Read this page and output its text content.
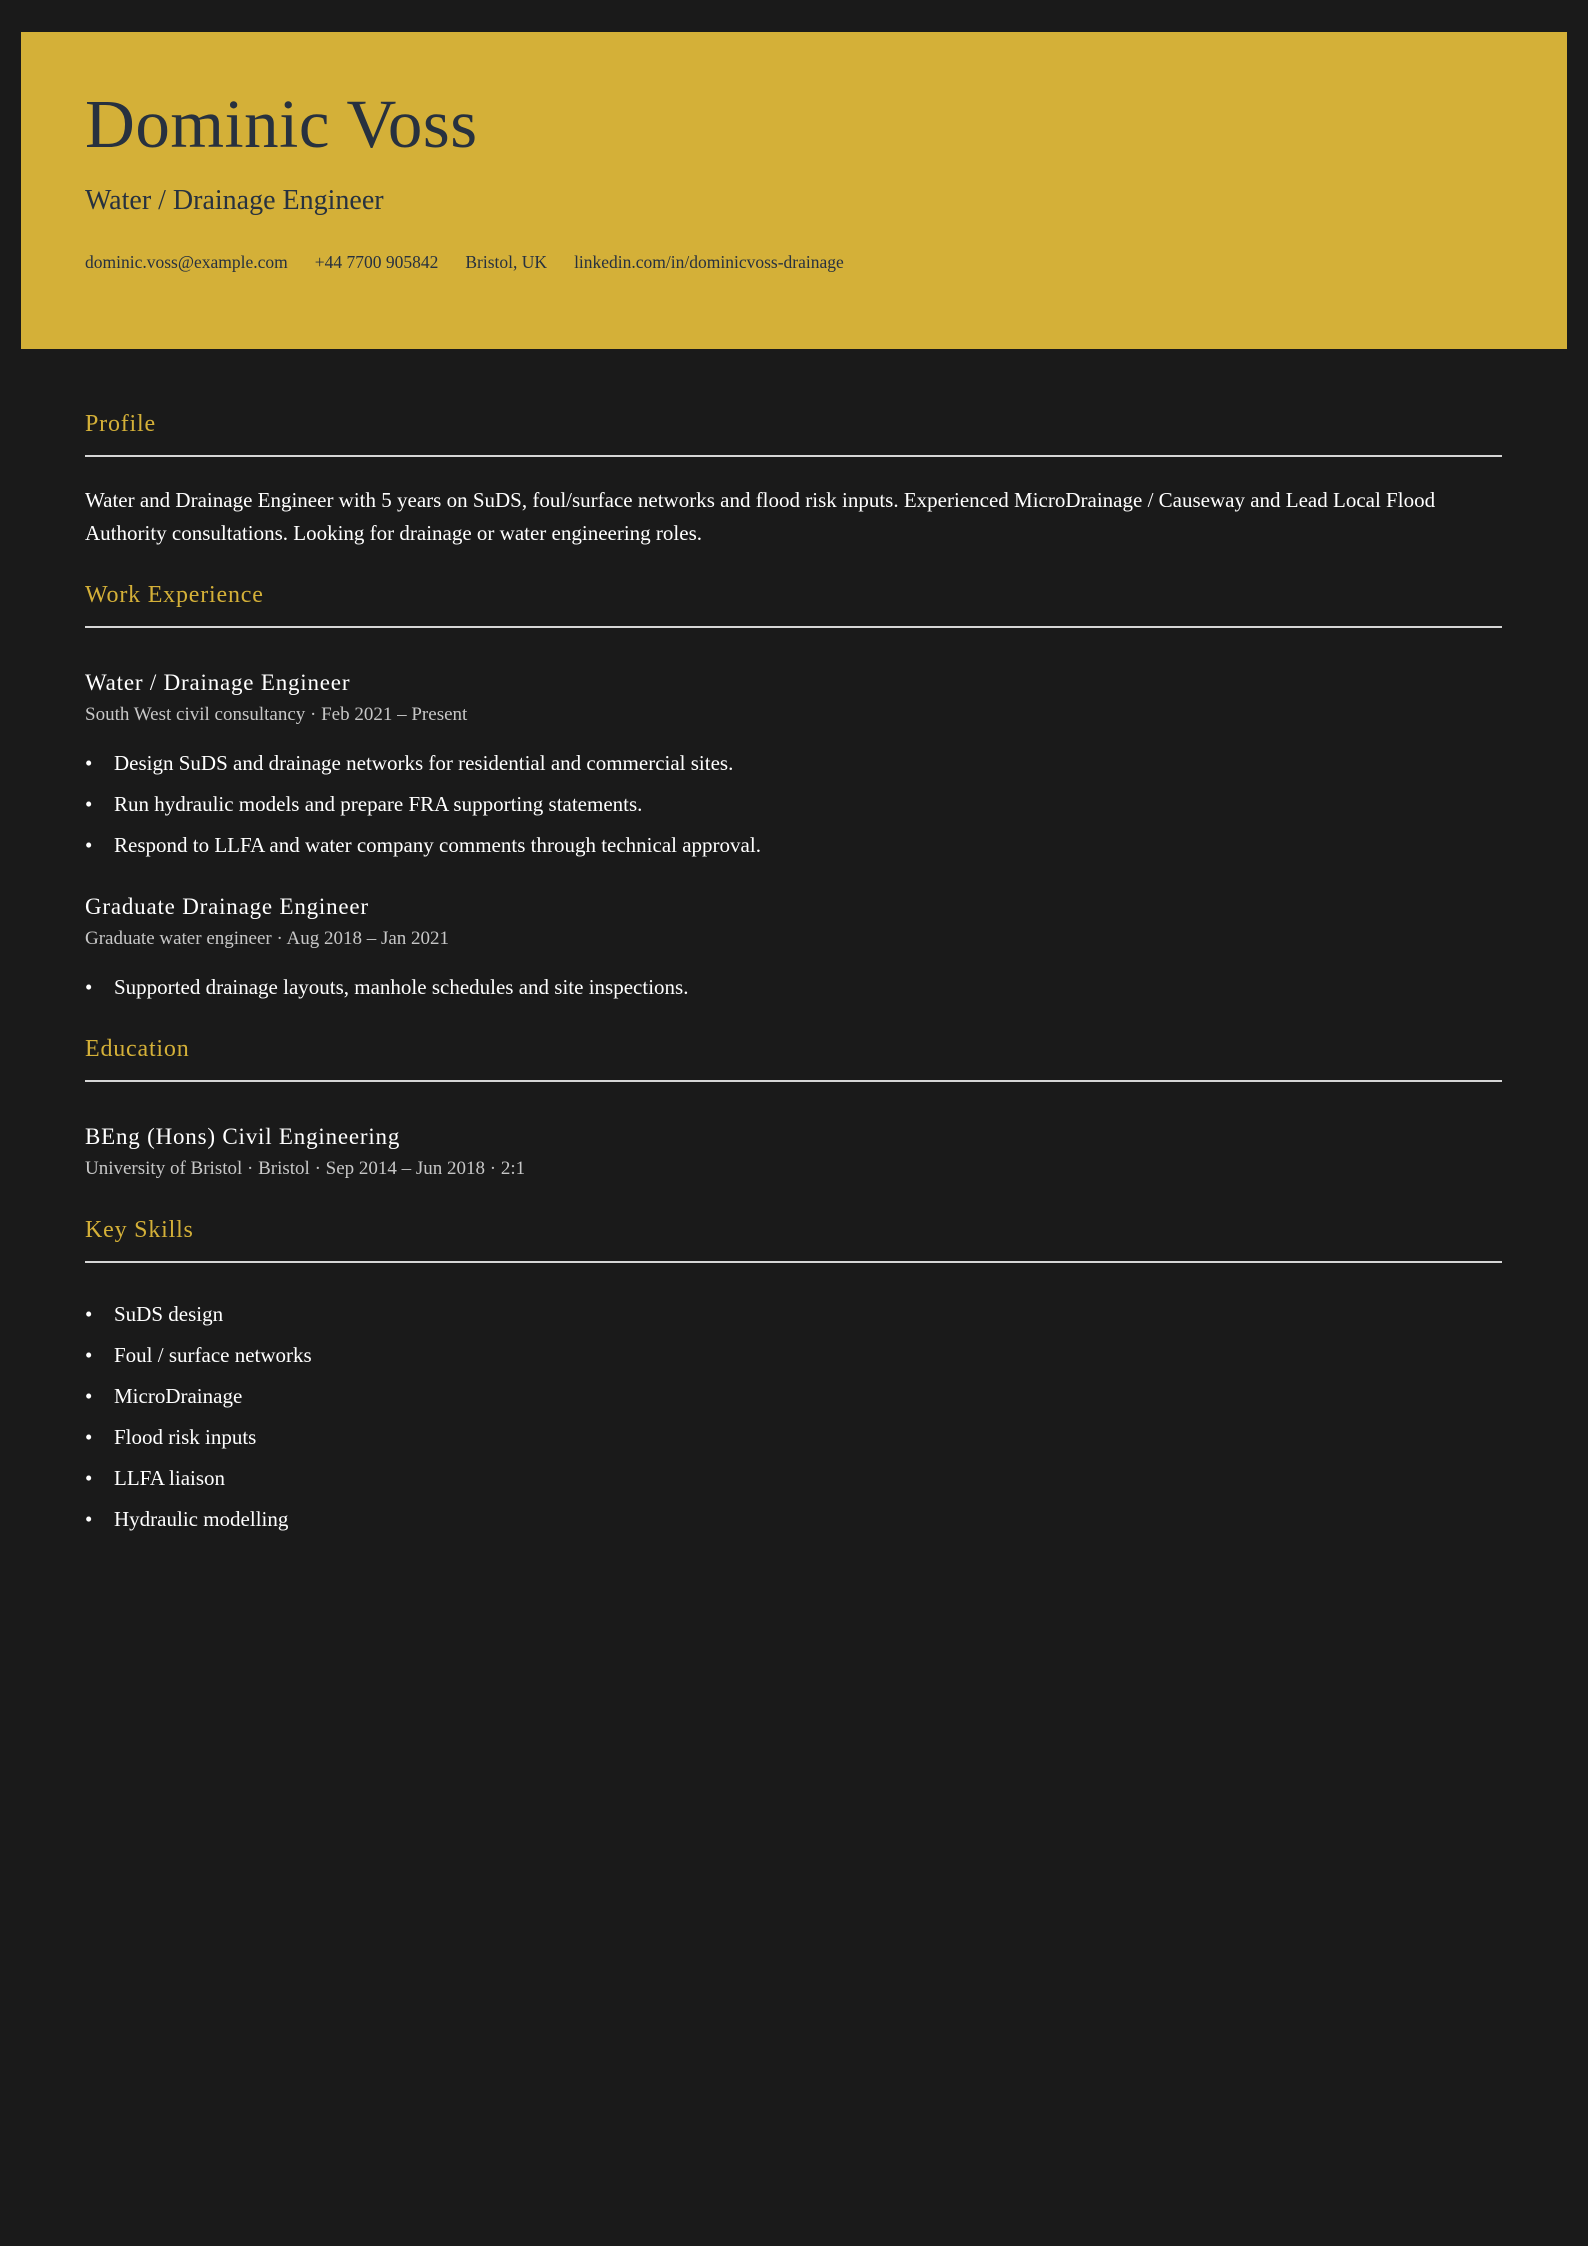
Dominic Voss
Water / Drainage Engineer
dominic.voss@example.com +44 7700 905842 Bristol, UK linkedin.com/in/dominicvoss-drainage
Profile
Water and Drainage Engineer with 5 years on SuDS, foul/surface networks and flood risk inputs. Experienced MicroDrainage / Causeway and Lead Local Flood Authority consultations. Looking for drainage or water engineering roles.
Work Experience
Water / Drainage Engineer
South West civil consultancy · Feb 2021 – Present
• Design SuDS and drainage networks for residential and commercial sites.
• Run hydraulic models and prepare FRA supporting statements.
• Respond to LLFA and water company comments through technical approval.
Graduate Drainage Engineer
Graduate water engineer · Aug 2018 – Jan 2021
• Supported drainage layouts, manhole schedules and site inspections.
Education
BEng (Hons) Civil Engineering
University of Bristol · Bristol · Sep 2014 – Jun 2018 · 2:1
Key Skills
• SuDS design
• Foul / surface networks
• MicroDrainage
• Flood risk inputs
• LLFA liaison
• Hydraulic modelling
